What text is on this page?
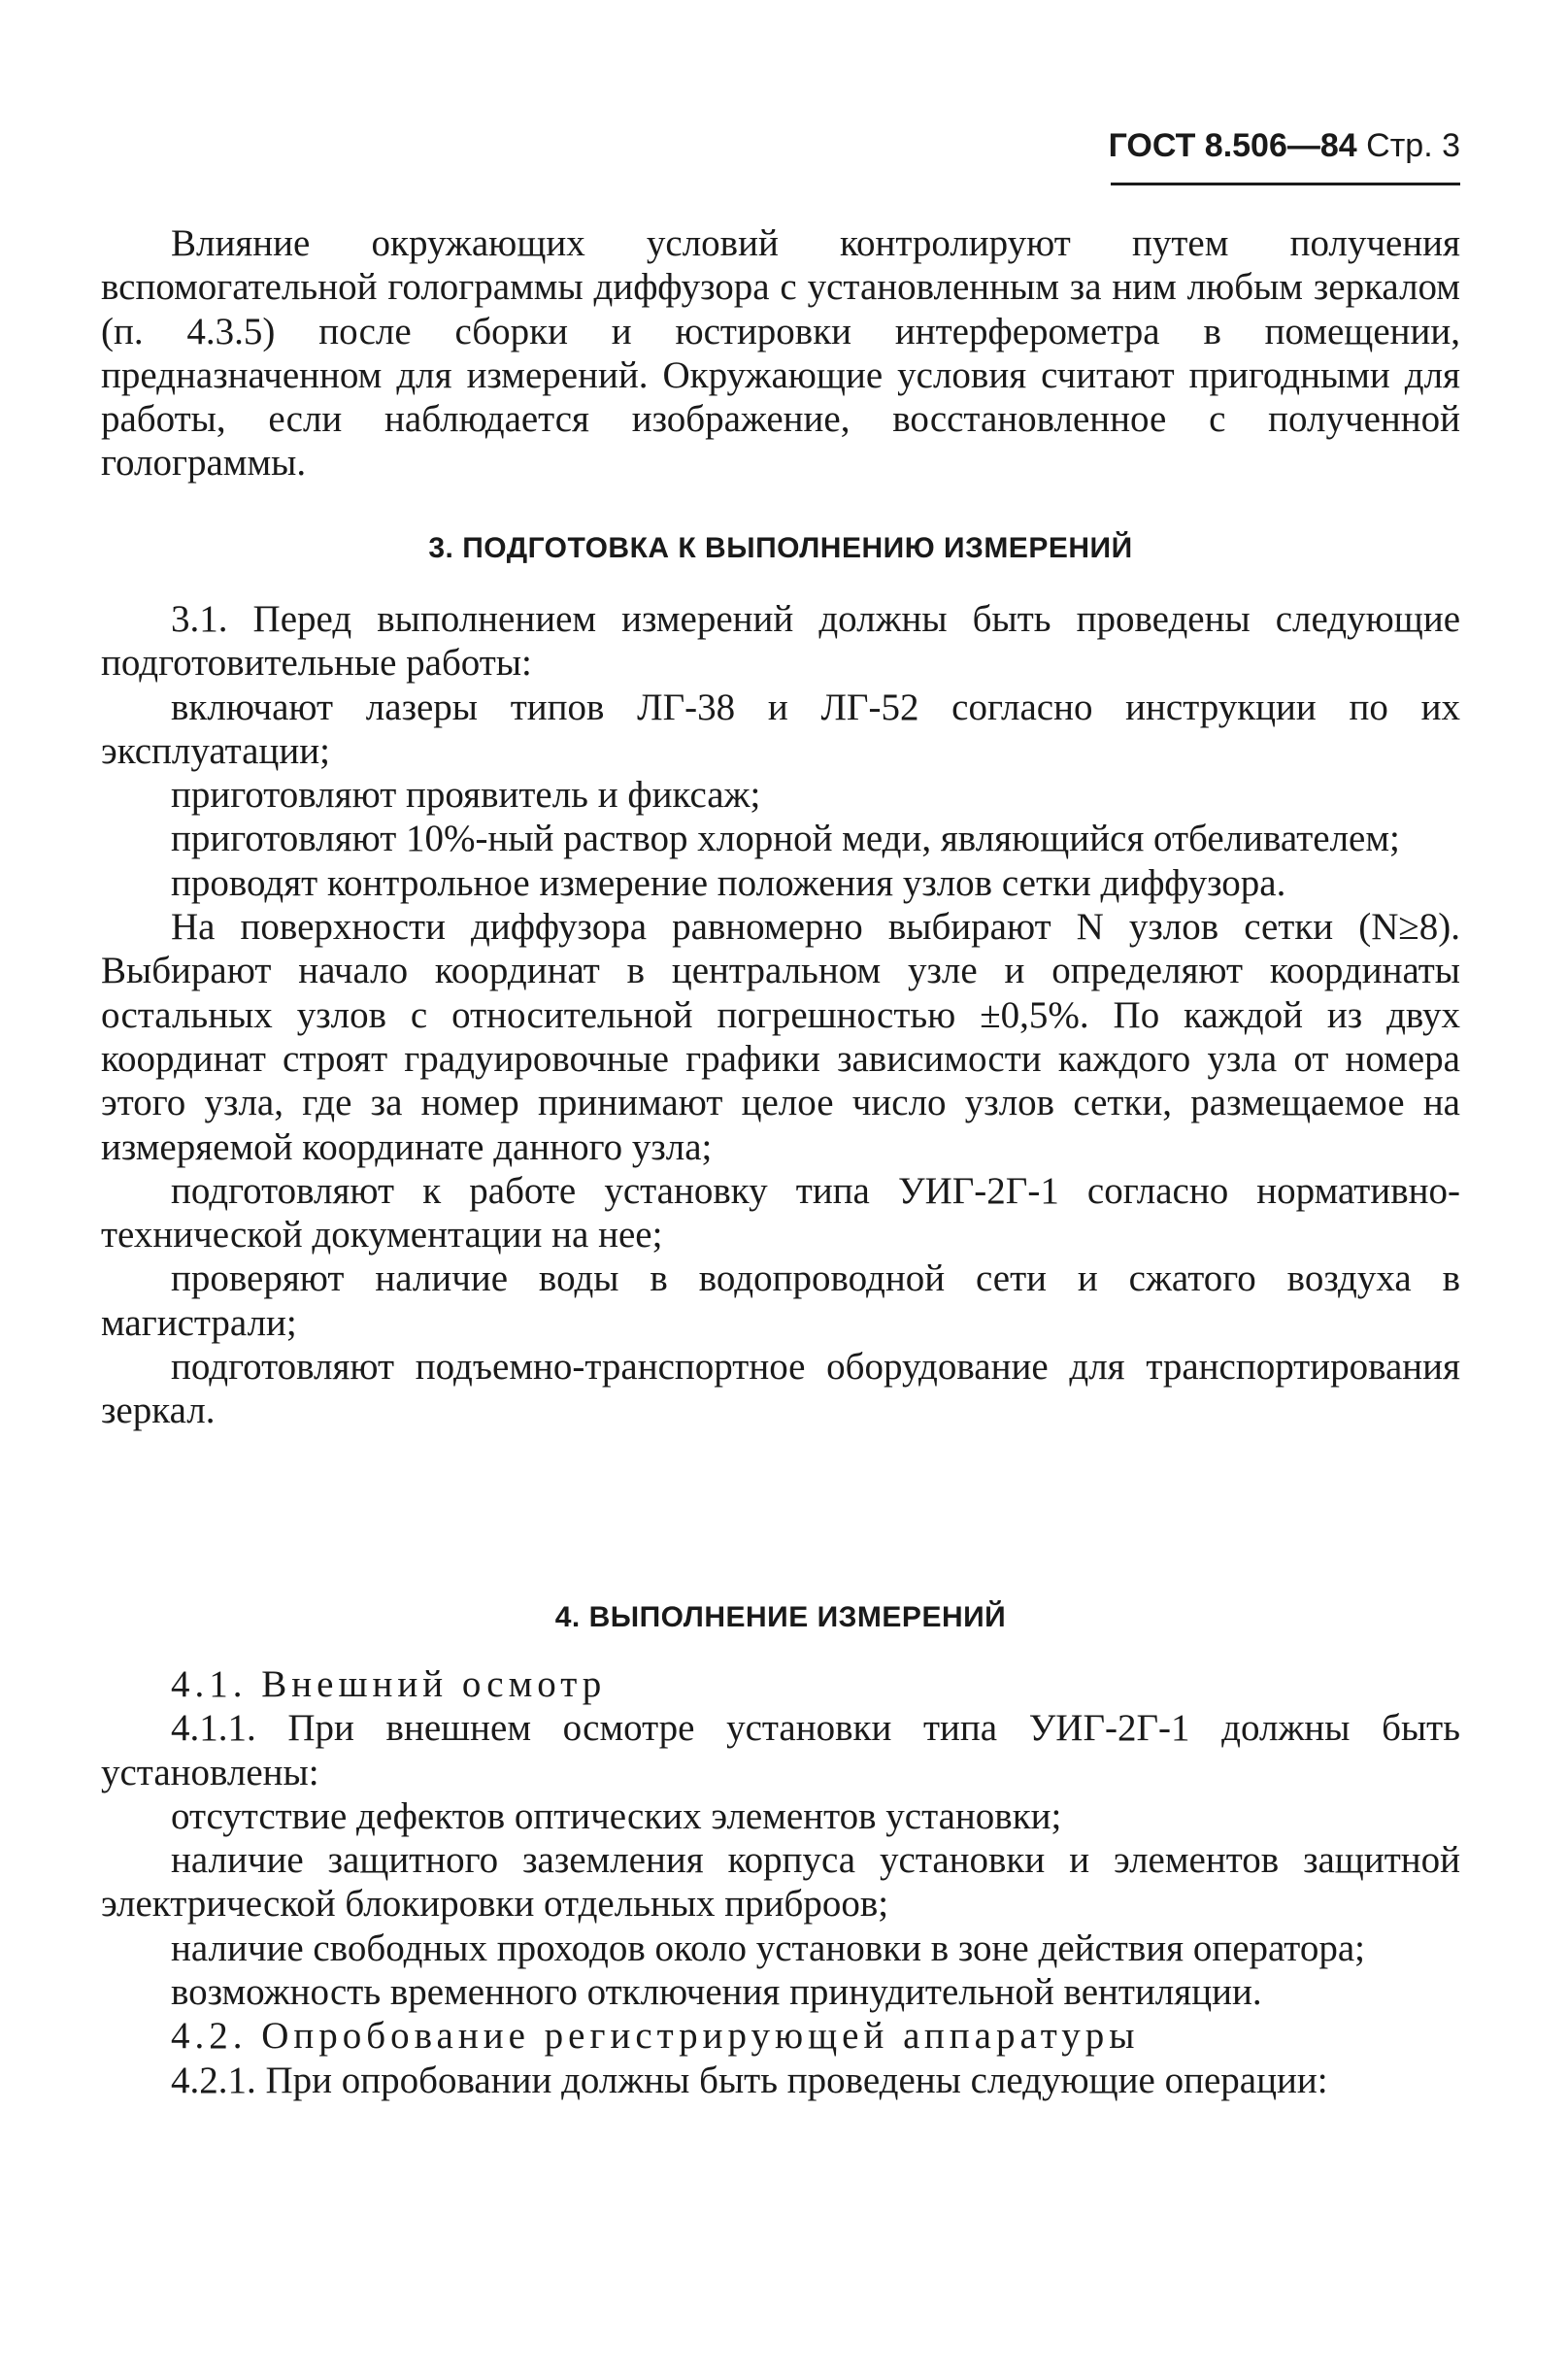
ГОСТ 8.506—84 Стр. 3

Влияние окружающих условий контролируют путем получения вспомогательной голограммы диффузора с установленным за ним любым зеркалом (п. 4.3.5) после сборки и юстировки интерферометра в помещении, предназначенном для измерений. Окружающие условия считают пригодными для работы, если наблюдается изображение, восстановленное с полученной голограммы.

3. ПОДГОТОВКА К ВЫПОЛНЕНИЮ ИЗМЕРЕНИЙ

3.1. Перед выполнением измерений должны быть проведены следующие подготовительные работы:

включают лазеры типов ЛГ-38 и ЛГ-52 согласно инструкции по их эксплуатации;

приготовляют проявитель и фиксаж;

приготовляют 10%-ный раствор хлорной меди, являющийся отбеливателем;

проводят контрольное измерение положения узлов сетки диффузора.

На поверхности диффузора равномерно выбирают N узлов сетки (N≥8). Выбирают начало координат в центральном узле и определяют координаты остальных узлов с относительной погрешностью ±0,5%. По каждой из двух координат строят градуировочные графики зависимости каждого узла от номера этого узла, где за номер принимают целое число узлов сетки, размещаемое на измеряемой координате данного узла;

подготовляют к работе установку типа УИГ-2Г-1 согласно нормативно-технической документации на нее;

проверяют наличие воды в водопроводной сети и сжатого воздуха в магистрали;

подготовляют подъемно-транспортное оборудование для транспортирования зеркал.

4. ВЫПОЛНЕНИЕ ИЗМЕРЕНИЙ

4.1. Внешний осмотр

4.1.1. При внешнем осмотре установки типа УИГ-2Г-1 должны быть установлены:

отсутствие дефектов оптических элементов установки;

наличие защитного заземления корпуса установки и элементов защитной электрической блокировки отдельных приброов;

наличие свободных проходов около установки в зоне действия оператора;

возможность временного отключения принудительной вентиляции.

4.2. Опробование регистрирующей аппаратуры

4.2.1. При опробовании должны быть проведены следующие операции:
